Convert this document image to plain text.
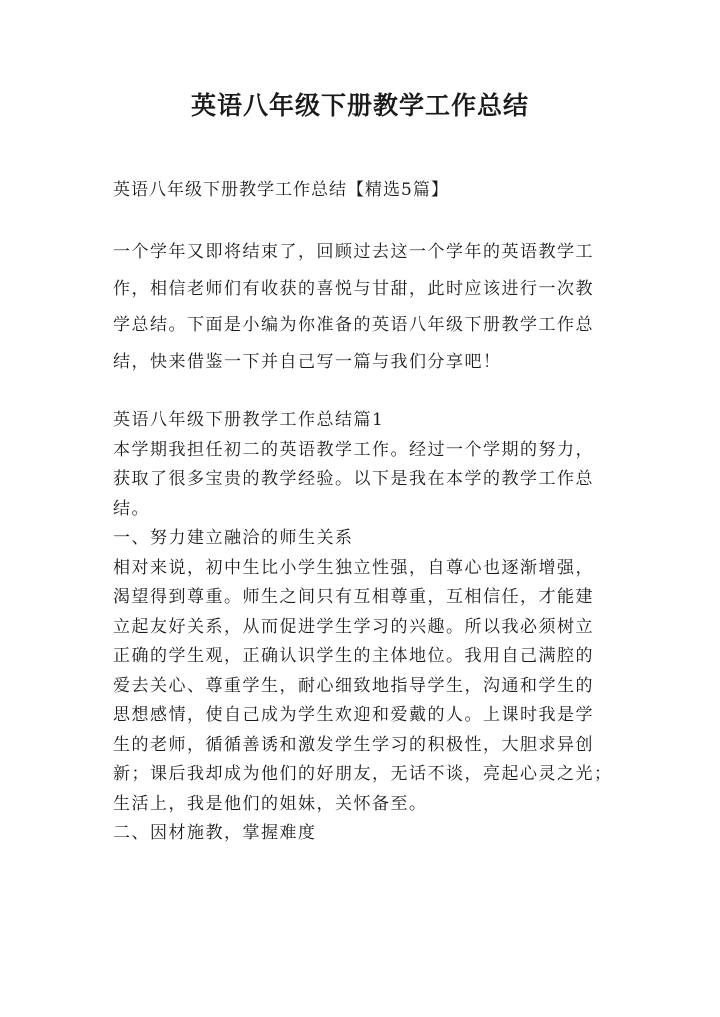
英语八年级下册教学工作总结

英语八年级下册教学工作总结【精选5篇】

一个学年又即将结束了，回顾过去这一个学年的英语教学工
作，相信老师们有收获的喜悦与甘甜，此时应该进行一次教
学总结。下面是小编为你准备的英语八年级下册教学工作总
结，快来借鉴一下并自己写一篇与我们分享吧！
英语八年级下册教学工作总结篇1
本学期我担任初二的英语教学工作。经过一个学期的努力，
获取了很多宝贵的教学经验。以下是我在本学的教学工作总
结。
一、努力建立融洽的师生关系
相对来说，初中生比小学生独立性强，自尊心也逐渐增强，
渴望得到尊重。师生之间只有互相尊重，互相信任，才能建
立起友好关系，从而促进学生学习的兴趣。所以我必须树立
正确的学生观，正确认识学生的主体地位。我用自己满腔的
爱去关心、尊重学生，耐心细致地指导学生，沟通和学生的
思想感情，使自己成为学生欢迎和爱戴的人。上课时我是学
生的老师，循循善诱和激发学生学习的积极性，大胆求异创
新；课后我却成为他们的好朋友，无话不谈，亮起心灵之光；
生活上，我是他们的姐妹，关怀备至。
二、因材施教，掌握难度
